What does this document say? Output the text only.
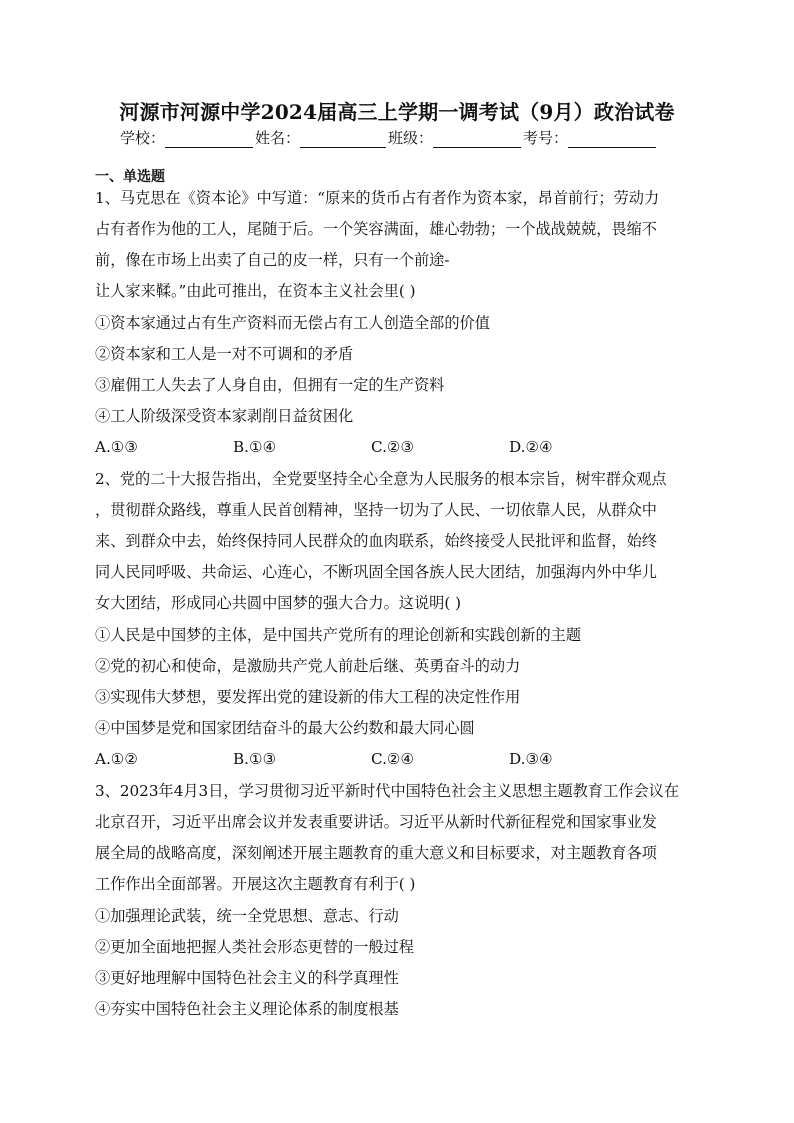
河源市河源中学2024届高三上学期一调考试（9月）政治试卷
学校：	姓名：	班级：	考号：
一、单选题
1、马克思在《资本论》中写道：“原来的货币占有者作为资本家，昂首前行；劳动力
占有者作为他的工人，尾随于后。一个笑容满面，雄心勃勃；一个战战兢兢，畏缩不
前，像在市场上出卖了自己的皮一样，只有一个前途-
让人家来鞣。”由此可推出，在资本主义社会里( )
①资本家通过占有生产资料而无偿占有工人创造全部的价值
②资本家和工人是一对不可调和的矛盾
③雇佣工人失去了人身自由，但拥有一定的生产资料
④工人阶级深受资本家剥削日益贫困化
A.①③	B.①④	C.②③	D.②④
2、党的二十大报告指出，全党要坚持全心全意为人民服务的根本宗旨，树牢群众观点
，贯彻群众路线，尊重人民首创精神，坚持一切为了人民、一切依靠人民，从群众中
来、到群众中去，始终保持同人民群众的血肉联系，始终接受人民批评和监督，始终
同人民同呼吸、共命运、心连心，不断巩固全国各族人民大团结，加强海内外中华儿
女大团结，形成同心共圆中国梦的强大合力。这说明( )
①人民是中国梦的主体，是中国共产党所有的理论创新和实践创新的主题
②党的初心和使命，是激励共产党人前赴后继、英勇奋斗的动力
③实现伟大梦想，要发挥出党的建设新的伟大工程的决定性作用
④中国梦是党和国家团结奋斗的最大公约数和最大同心圆
A.①②	B.①③	C.②④	D.③④
3、2023年4月3日，学习贯彻习近平新时代中国特色社会主义思想主题教育工作会议在
北京召开，习近平出席会议并发表重要讲话。习近平从新时代新征程党和国家事业发
展全局的战略高度，深刻阐述开展主题教育的重大意义和目标要求，对主题教育各项
工作作出全面部署。开展这次主题教育有利于( )
①加强理论武装，统一全党思想、意志、行动
②更加全面地把握人类社会形态更替的一般过程
③更好地理解中国特色社会主义的科学真理性
④夯实中国特色社会主义理论体系的制度根基
